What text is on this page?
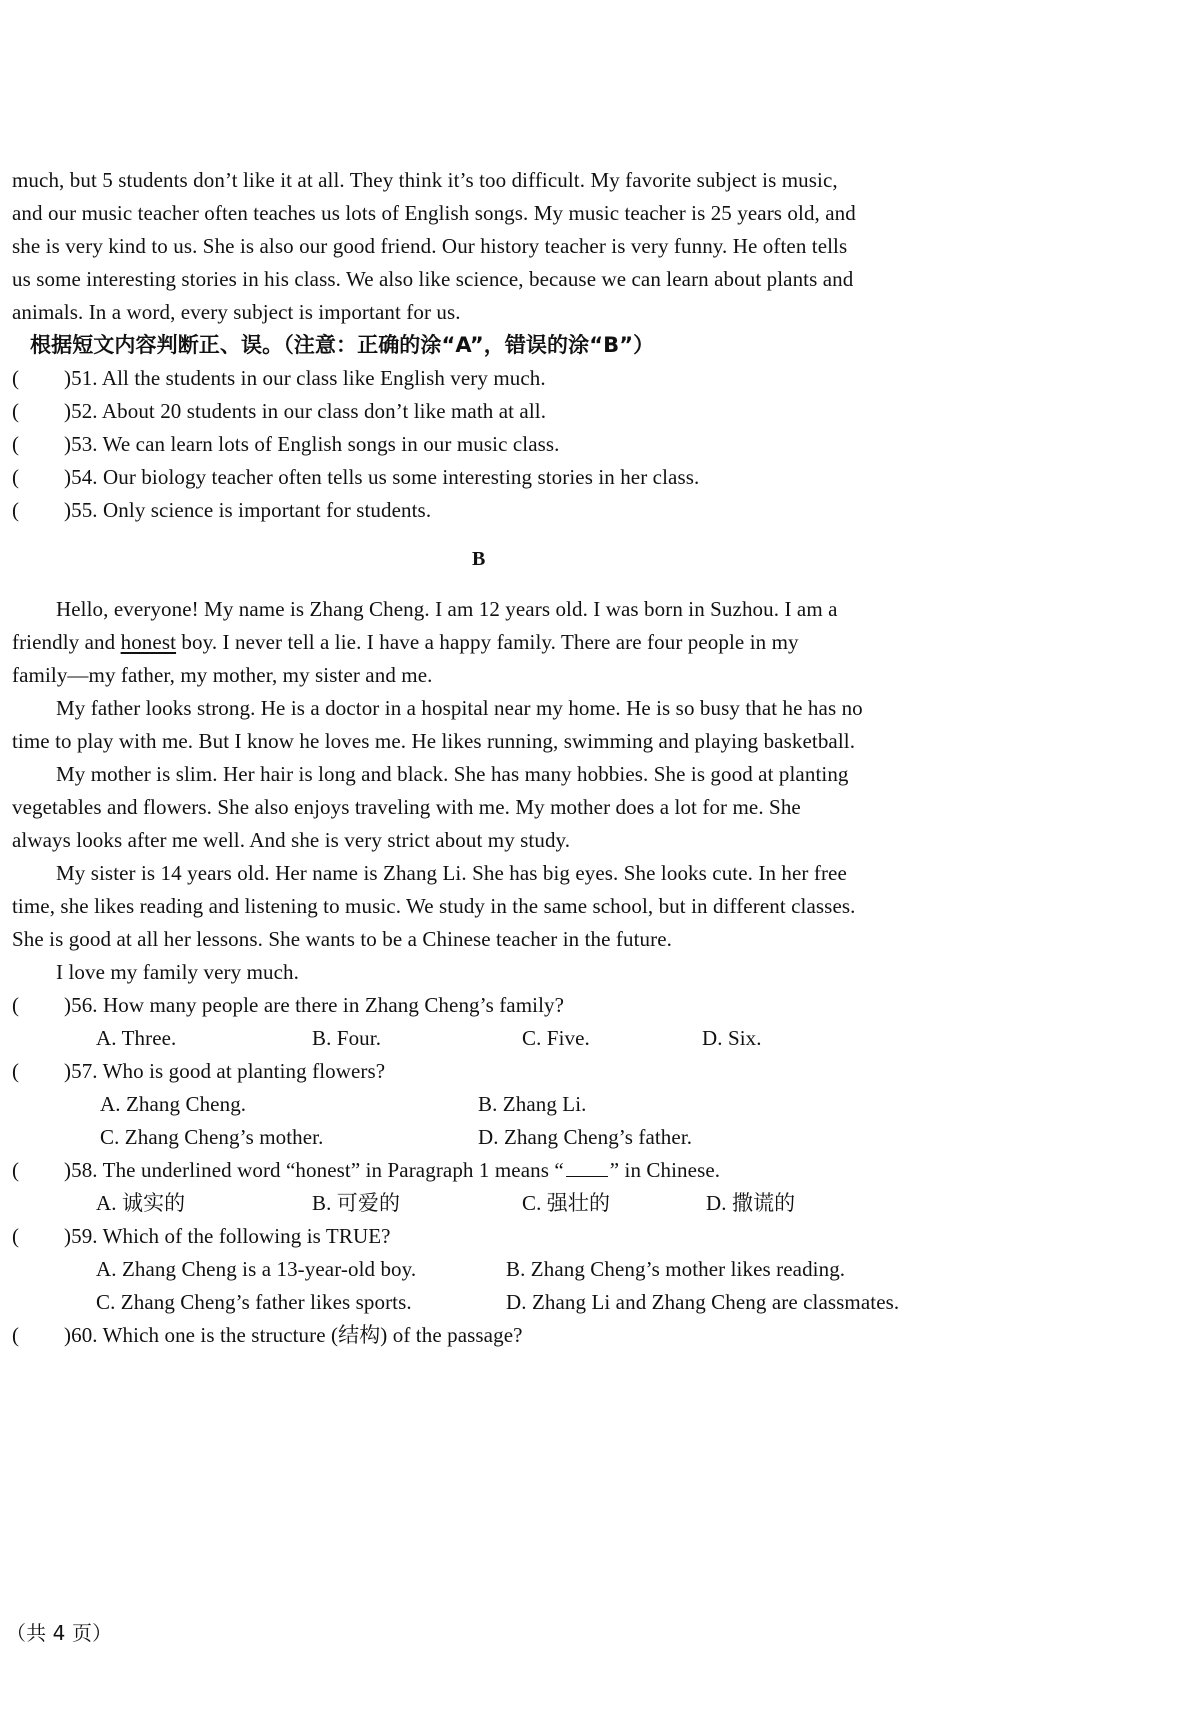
much, but 5 students don’t like it at all. They think it’s too difficult. My favorite subject is music,
and our music teacher often teaches us lots of English songs. My music teacher is 25 years old, and
she is very kind to us. She is also our good friend. Our history teacher is very funny. He often tells
us some interesting stories in his class. We also like science, because we can learn about plants and
animals. In a word, every subject is important for us.
根据短文内容判断正、误。（注意：正确的涂“A”，错误的涂“B”）
( )51. All the students in our class like English very much.
( )52. About 20 students in our class don’t like math at all.
( )53. We can learn lots of English songs in our music class.
( )54. Our biology teacher often tells us some interesting stories in her class.
( )55. Only science is important for students.
B
Hello, everyone! My name is Zhang Cheng. I am 12 years old. I was born in Suzhou. I am a
friendly and honest boy. I never tell a lie. I have a happy family. There are four people in my
family—my father, my mother, my sister and me.
My father looks strong. He is a doctor in a hospital near my home. He is so busy that he has no
time to play with me. But I know he loves me. He likes running, swimming and playing basketball.
My mother is slim. Her hair is long and black. She has many hobbies. She is good at planting
vegetables and flowers. She also enjoys traveling with me. My mother does a lot for me. She
always looks after me well. And she is very strict about my study.
My sister is 14 years old. Her name is Zhang Li. She has big eyes. She looks cute. In her free
time, she likes reading and listening to music. We study in the same school, but in different classes.
She is good at all her lessons. She wants to be a Chinese teacher in the future.
I love my family very much.
( )56. How many people are there in Zhang Cheng’s family?
A. Three.	B. Four.	C. Five.	D. Six.
( )57. Who is good at planting flowers?
A. Zhang Cheng.	B. Zhang Li.
C. Zhang Cheng’s mother.	D. Zhang Cheng’s father.
( )58. The underlined word “honest” in Paragraph 1 means “ ” in Chinese.
A. 诚实的	B. 可爱的	C. 强壮的	D. 撒谎的
( )59. Which of the following is TRUE?
A. Zhang Cheng is a 13-year-old boy.	B. Zhang Cheng’s mother likes reading.
C. Zhang Cheng’s father likes sports.	D. Zhang Li and Zhang Cheng are classmates.
( )60. Which one is the structure (结构) of the passage?
（共 4 页）
